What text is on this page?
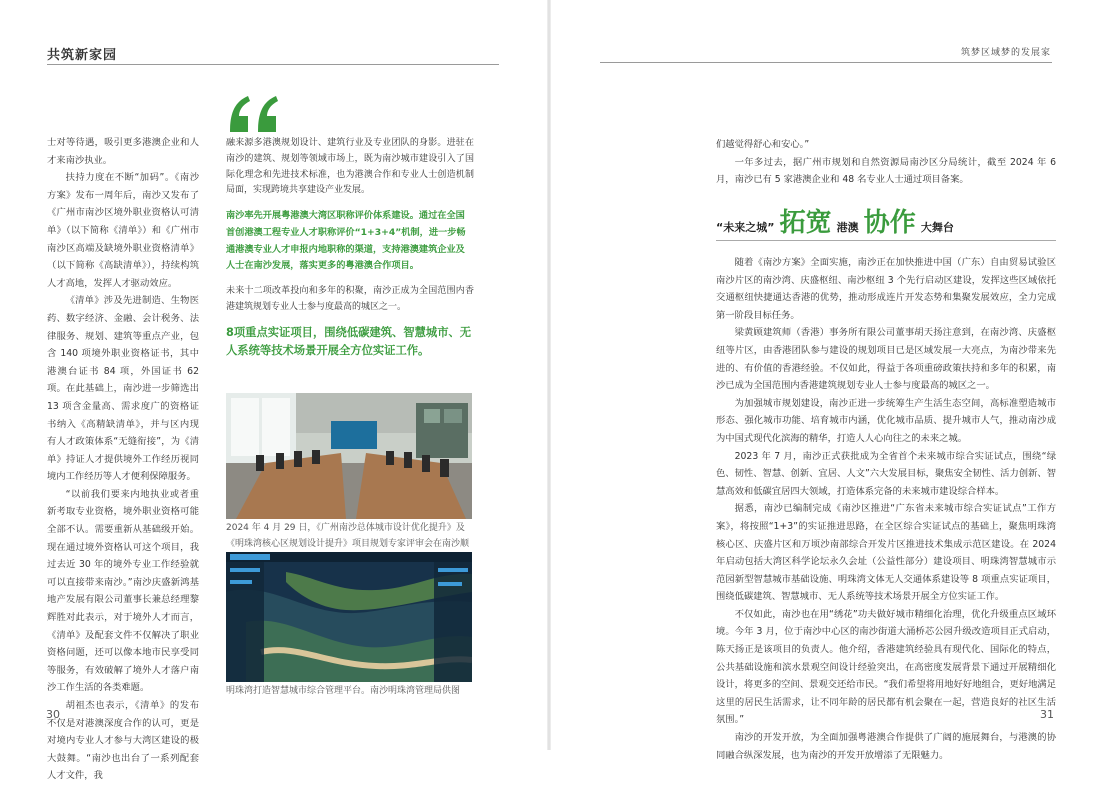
共筑新家园	筑梦区域梦的发展家

士对等待遇，吸引更多港澳企业和人才来南沙执业。

扶持力度在不断“加码”。《南沙方案》发布一周年后，南沙又发布了《广州市南沙区境外职业资格认可清单》（以下简称《清单》）和《广州市南沙区高端及缺境外职业资格清单》（以下简称《高缺清单》），持续构筑人才高地，发挥人才驱动效应。

《清单》涉及先进制造、生物医药、数字经济、金融、会计税务、法律服务、规划、建筑等重点产业，包含 140 项境外职业资格证书，其中港澳台证书 84 项，外国证书 62 项。在此基础上，南沙进一步筛选出 13 项含金量高、需求度广的资格证书纳入《高精缺清单》，并与区内现有人才政策体系“无缝衔接”，为《清单》持证人才提供境外工作经历视同境内工作经历等人才便利保障服务。

“以前我们要来内地执业或者重新考取专业资格，境外职业资格可能全部不认。需要重新从基础级开始。现在通过境外资格认可这个项目，我过去近 30 年的境外专业工作经验就可以直接带来南沙。”南沙庆盛新鸿基地产发展有限公司董事长兼总经理黎辉胜对此表示，对于境外人才而言，《清单》及配套文件不仅解决了职业资格问题，还可以像本地市民享受同等服务，有效破解了境外人才落户南沙工作生活的各类难题。

胡祖杰也表示，《清单》的发布不仅是对港澳深度合作的认可，更是对境内专业人才参与大湾区建设的极大鼓舞。“南沙也出台了一系列配套人才文件，我

融来源多港澳规划设计、建筑行业及专业团队的身影。进驻在南沙的建筑、规划等领域市场上，既为南沙城市建设引入了国际化理念和先进技术标准，也为港澳合作和专业人士创造机制局面，实现跨境共享建设产业发展。
南沙率先开展粤港澳大湾区职称评价体系建设。通过在全国首创港澳工程专业人才职称评价“1+3+4”机制，进一步畅通港澳专业人才申报内地职称的渠道，支持港澳建筑企业及人士在南沙发展，落实更多的粤港澳合作项目。
未来十二项改革投向和多年的积聚，南沙正成为全国范围内香港建筑规划专业人士参与度最高的城区之一。
8项重点实证项目，围绕低碳建筑、智慧城市、无人系统等技术场景开展全方位实证工作。
2024 年 4 月 29 日，《广州南沙总体城市设计优化提升》及《明珠湾核心区规划设计提升》项目规划专家评审会在南沙顺
明珠湾打造智慧城市综合管理平台。南沙明珠湾管理局供图
30

们越觉得舒心和安心。”

一年多过去，据广州市规划和自然资源局南沙区分局统计，截至 2024 年 6 月，南沙已有 5 家港澳企业和 48 名专业人士通过项目备案。

“未来之城” 拓宽 港澳 协作 大舞台

随着《南沙方案》全面实施，南沙正在加快推进中国（广东）自由贸易试验区南沙片区的南沙湾、庆盛枢纽、南沙枢纽 3 个先行启动区建设，发挥这些区域依托交通枢纽快捷通达香港的优势，推动形成连片开发态势和集聚发展效应，全力完成第一阶段目标任务。

梁黄顾建筑师（香港）事务所有限公司董事胡天扬注意到，在南沙湾、庆盛枢纽等片区，由香港团队参与建设的规划项目已是区域发展一大亮点，为南沙带来先进的、有价值的香港经验。不仅如此，得益于各项重磅政策扶持和多年的积累，南沙已成为全国范围内香港建筑规划专业人士参与度最高的城区之一。

为加强城市规划建设，南沙正进一步统筹生产生活生态空间，高标准塑造城市形态、强化城市功能、培育城市内涵，优化城市品质、提升城市人气，推动南沙成为中国式现代化滨海的精华，打造人人心向往之的未来之城。

2023 年 7 月，南沙正式获批成为全省首个未来城市综合实证试点，围绕“绿色、韧性、智慧、创新、宜居、人文”六大发展目标，聚焦安全韧性、活力创新、智慧高效和低碳宜居四大领域，打造体系完备的未来城市建设综合样本。

据悉，南沙已编制完成《南沙区推进“广东省未来城市综合实证试点”工作方案》，将按照“1+3”的实证推进思路，在全区综合实证试点的基础上，聚焦明珠湾核心区、庆盛片区和万顷沙南部综合开发片区推进技术集成示范区建设。在 2024 年启动包括大湾区科学论坛永久会址（公益性部分）建设项目、明珠湾智慧城市示范园新型智慧城市基础设施、明珠湾文体无人交通体系建设等 8 项重点实证项目，围绕低碳建筑、智慧城市、无人系统等技术场景开展全方位实证工作。

不仅如此，南沙也在用“绣花”功夫做好城市精细化治理，优化升级重点区域环境。今年 3 月，位于南沙中心区的南沙街道大涌桥芯公园升级改造项目正式启动，陈天扬正是该项目的负责人。他介绍，香港建筑经验具有现代化、国际化的特点，公共基础设施和滨水景观空间设计经验突出，在高密度发展背景下通过开展精细化设计，将更多的空间、景观交还给市民。“我们希望将用地好好地组合，更好地满足这里的居民生活需求，让不同年龄的居民都有机会聚在一起，营造良好的社区生活氛围。”

南沙的开发开放，为全面加强粤港澳合作提供了广阔的施展舞台，与港澳的协同融合纵深发展，也为南沙的开发开放增添了无限魅力。

31
